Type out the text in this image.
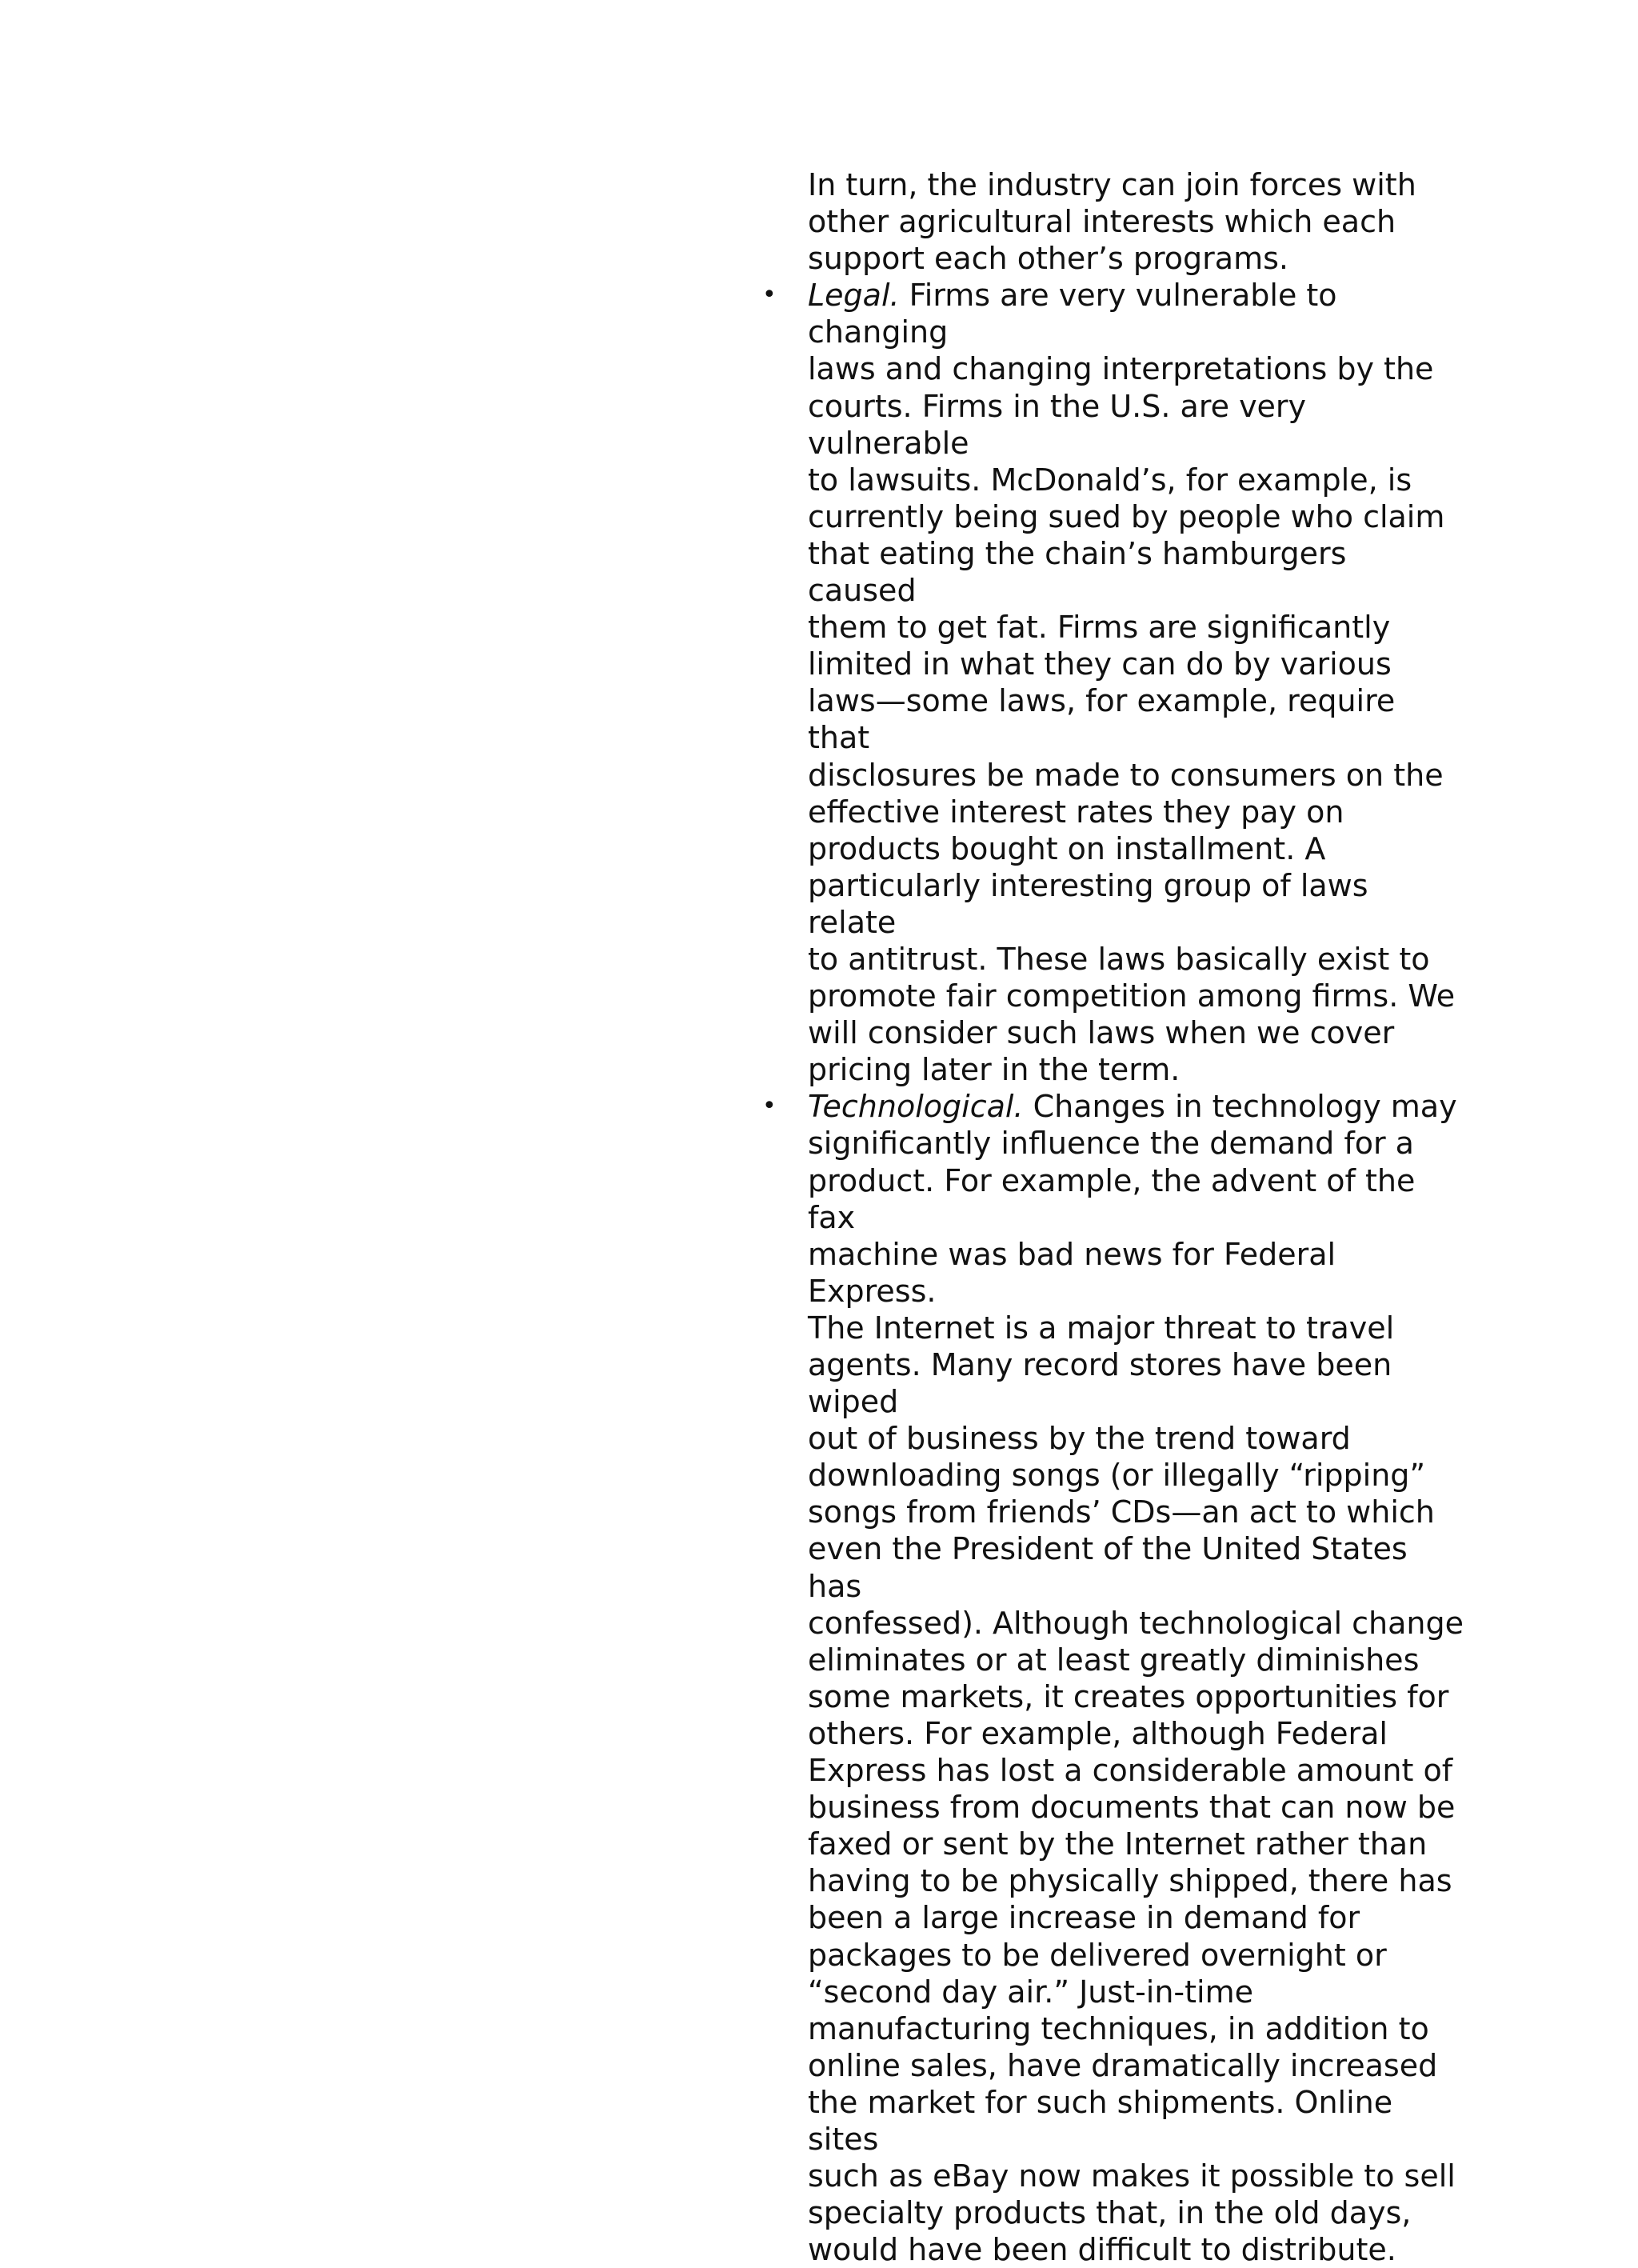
In turn, the industry can join forces with
other agricultural interests which each
support each other’s programs.

• Legal. Firms are very vulnerable to changing
laws and changing interpretations by the
courts. Firms in the U.S. are very vulnerable
to lawsuits. McDonald’s, for example, is
currently being sued by people who claim
that eating the chain’s hamburgers caused
them to get fat. Firms are significantly
limited in what they can do by various
laws—some laws, for example, require that
disclosures be made to consumers on the
effective interest rates they pay on
products bought on installment. A
particularly interesting group of laws relate
to antitrust. These laws basically exist to
promote fair competition among firms. We
will consider such laws when we cover
pricing later in the term.
• Technological. Changes in technology may
significantly influence the demand for a
product. For example, the advent of the fax
machine was bad news for Federal Express.
The Internet is a major threat to travel
agents. Many record stores have been wiped
out of business by the trend toward
downloading songs (or illegally “ripping”
songs from friends’ CDs—an act to which
even the President of the United States has
confessed). Although technological change
eliminates or at least greatly diminishes
some markets, it creates opportunities for
others. For example, although Federal
Express has lost a considerable amount of
business from documents that can now be
faxed or sent by the Internet rather than
having to be physically shipped, there has
been a large increase in demand for
packages to be delivered overnight or
“second day air.” Just-in-time
manufacturing techniques, in addition to
online sales, have dramatically increased
the market for such shipments. Online sites
such as eBay now makes it possible to sell
specialty products that, in the old days,
would have been difficult to distribute.
